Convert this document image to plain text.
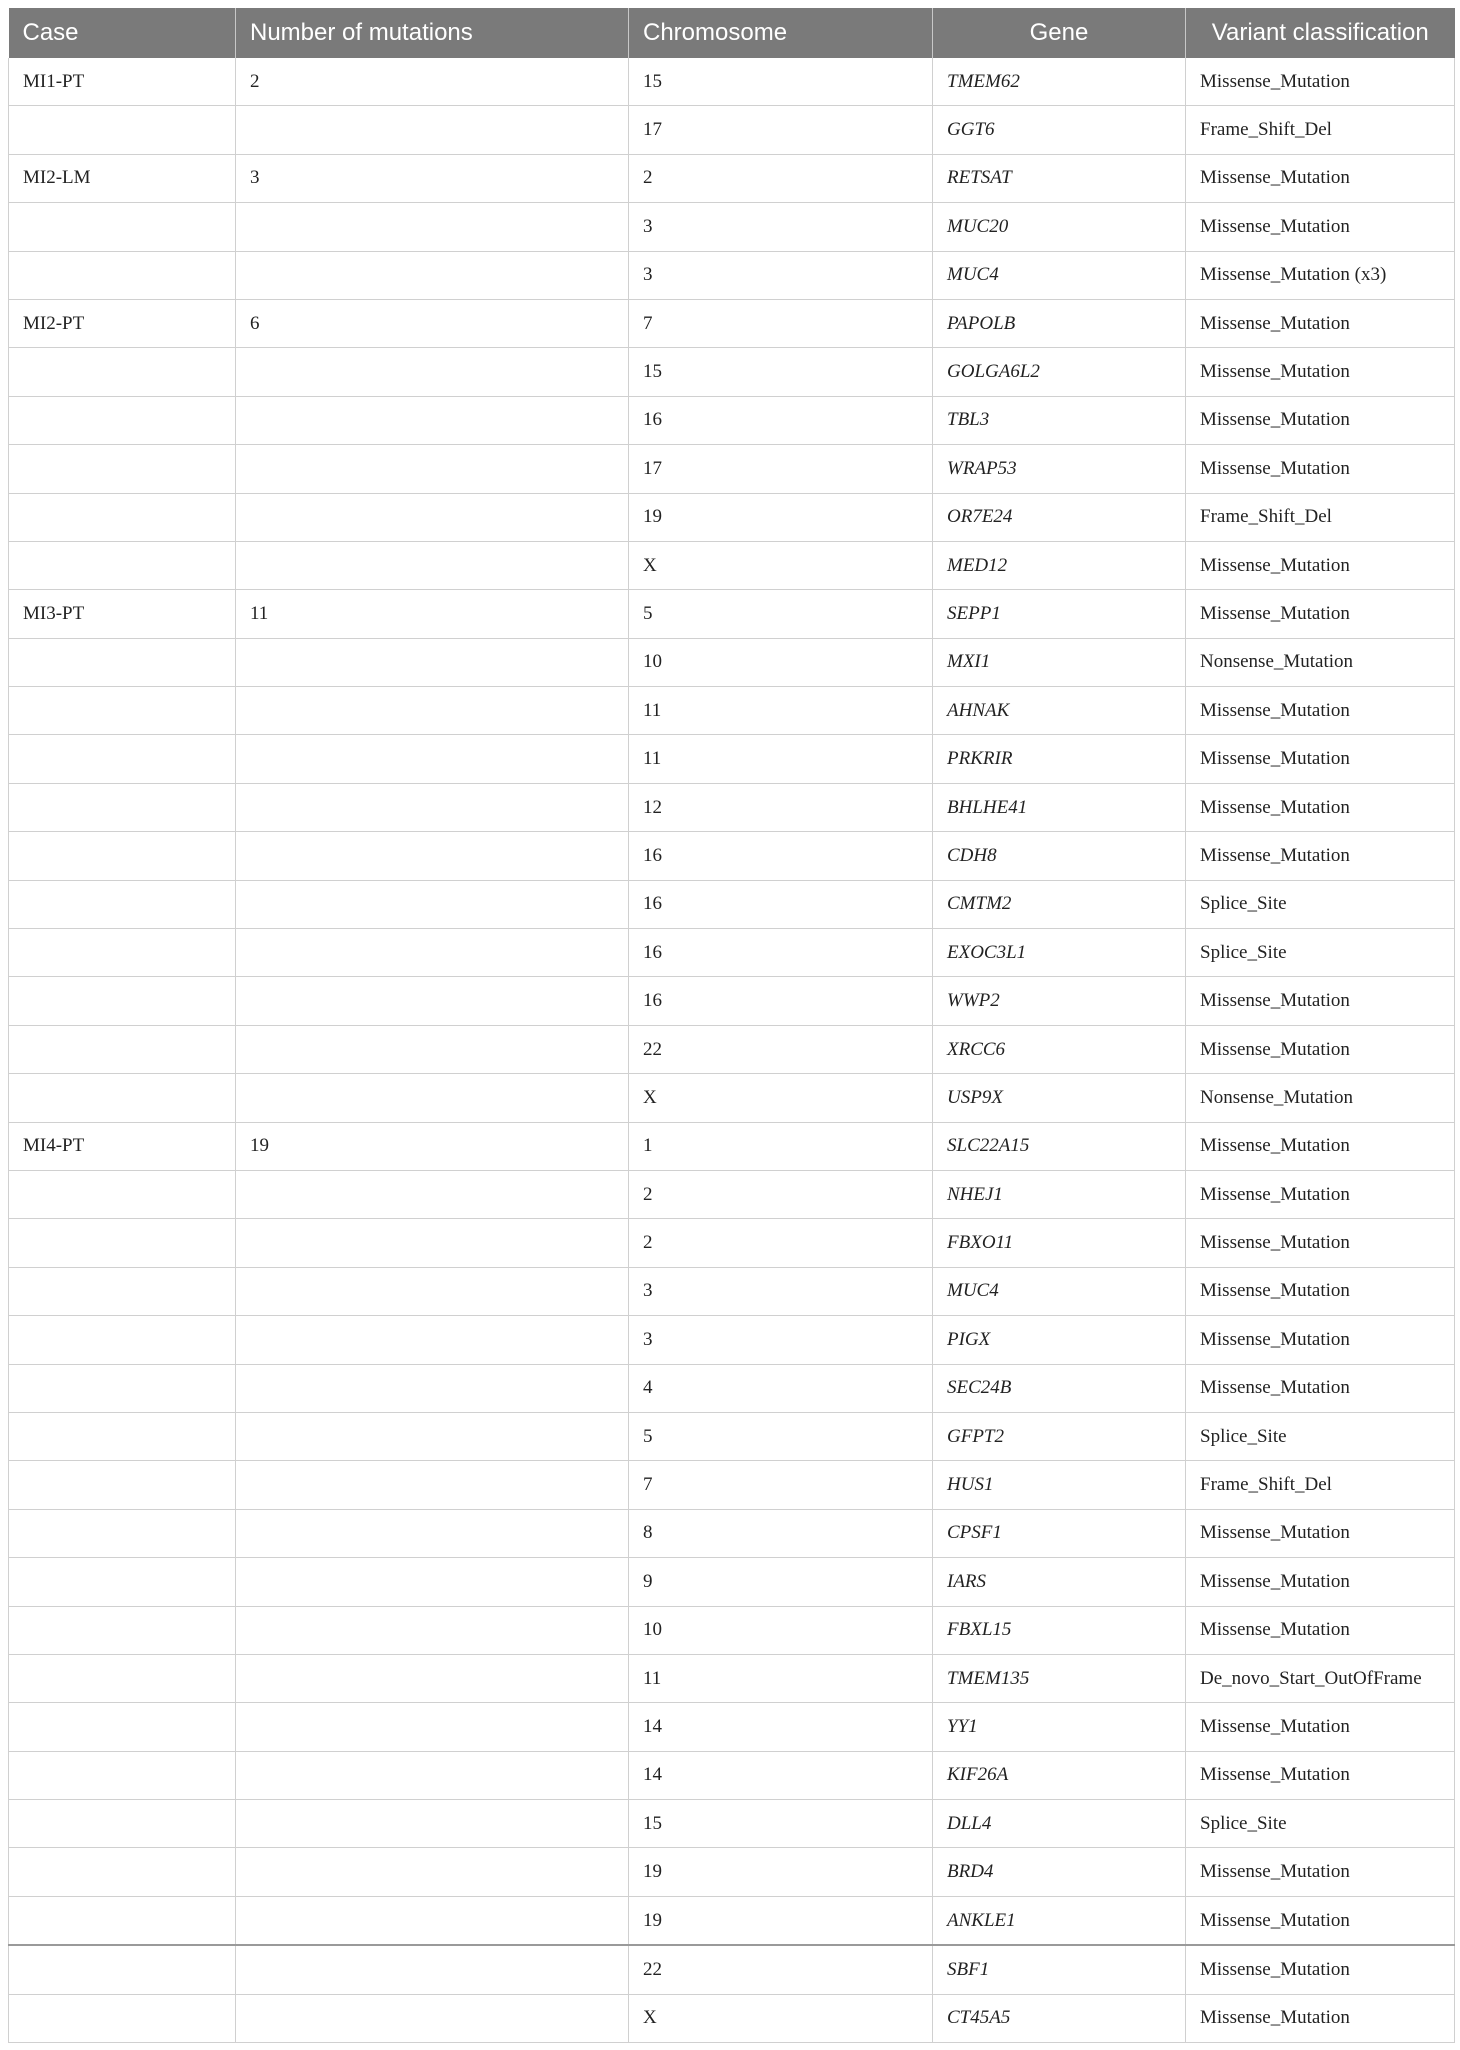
Case	Number of mutations	Chromosome	Gene	Variant classification
MI1-PT	2	15	TMEM62	Missense_Mutation
		17	GGT6	Frame_Shift_Del
MI2-LM	3	2	RETSAT	Missense_Mutation
		3	MUC20	Missense_Mutation
		3	MUC4	Missense_Mutation (x3)
MI2-PT	6	7	PAPOLB	Missense_Mutation
		15	GOLGA6L2	Missense_Mutation
		16	TBL3	Missense_Mutation
		17	WRAP53	Missense_Mutation
		19	OR7E24	Frame_Shift_Del
		X	MED12	Missense_Mutation
MI3-PT	11	5	SEPP1	Missense_Mutation
		10	MXI1	Nonsense_Mutation
		11	AHNAK	Missense_Mutation
		11	PRKRIR	Missense_Mutation
		12	BHLHE41	Missense_Mutation
		16	CDH8	Missense_Mutation
		16	CMTM2	Splice_Site
		16	EXOC3L1	Splice_Site
		16	WWP2	Missense_Mutation
		22	XRCC6	Missense_Mutation
		X	USP9X	Nonsense_Mutation
MI4-PT	19	1	SLC22A15	Missense_Mutation
		2	NHEJ1	Missense_Mutation
		2	FBXO11	Missense_Mutation
		3	MUC4	Missense_Mutation
		3	PIGX	Missense_Mutation
		4	SEC24B	Missense_Mutation
		5	GFPT2	Splice_Site
		7	HUS1	Frame_Shift_Del
		8	CPSF1	Missense_Mutation
		9	IARS	Missense_Mutation
		10	FBXL15	Missense_Mutation
		11	TMEM135	De_novo_Start_OutOfFrame
		14	YY1	Missense_Mutation
		14	KIF26A	Missense_Mutation
		15	DLL4	Splice_Site
		19	BRD4	Missense_Mutation
		19	ANKLE1	Missense_Mutation
		22	SBF1	Missense_Mutation
		X	CT45A5	Missense_Mutation
